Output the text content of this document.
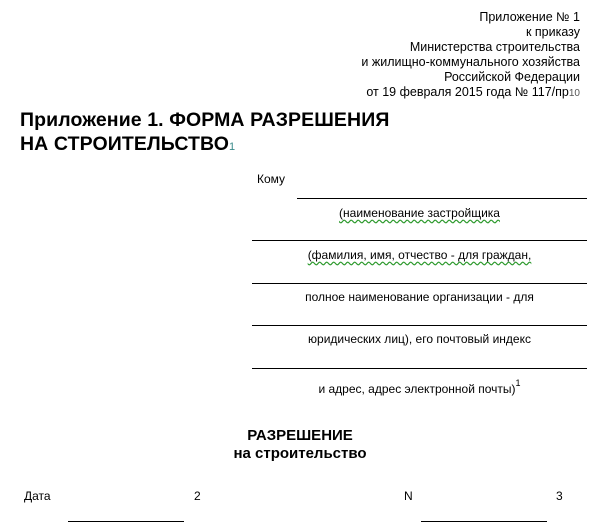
Приложение № 1
к приказу
Министерства строительства
и жилищно-коммунального хозяйства
Российской Федерации
от 19 февраля 2015 года № 117/пр10
Приложение 1. ФОРМА РАЗРЕШЕНИЯ
НА СТРОИТЕЛЬСТВО1
Кому
(наименование застройщика
(фамилия, имя, отчество - для граждан,
полное наименование организации - для
юридических лиц), его почтовый индекс
и адрес, адрес электронной почты)$^1$
РАЗРЕШЕНИЕ
на строительство
Дата	2	N	3
